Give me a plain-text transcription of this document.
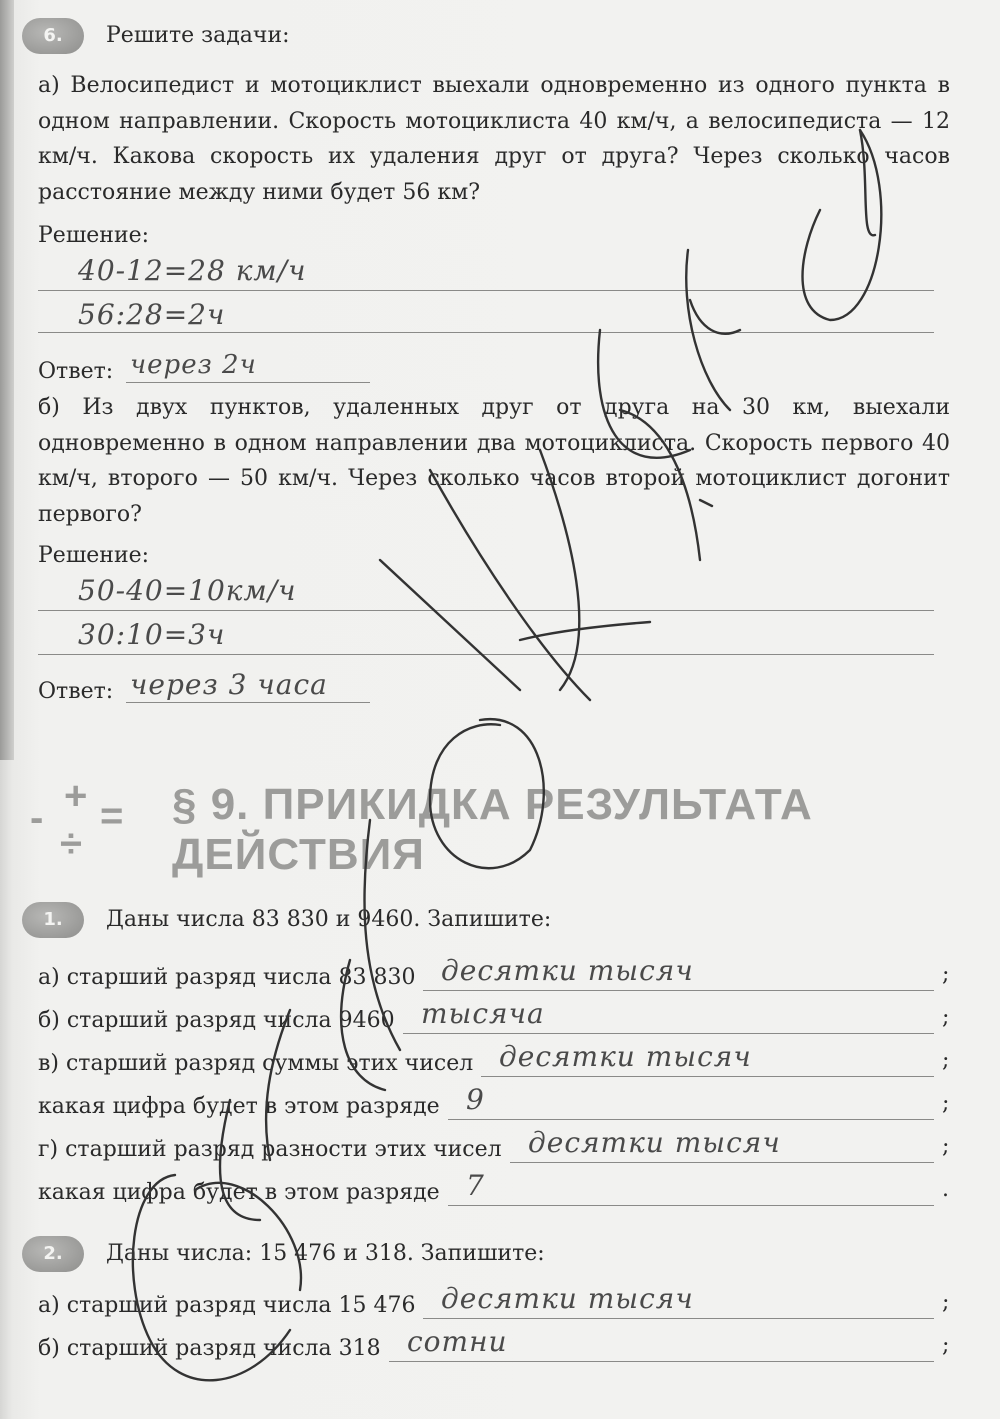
6.	Решите задачи:
а) Велосипедист и мотоциклист выехали одновременно из одного пункта в одном направлении. Скорость мотоциклиста 40 км/ч, а велосипедиста — 12 км/ч. Какова скорость их удаления друг от друга? Через сколько часов расстояние между ними будет 56 км?
Решение:
40-12=28 км/ч
56:28=2ч
Ответ: через 2ч
б) Из двух пунктов, удаленных друг от друга на 30 км, выехали одновременно в одном направлении два мотоциклиста. Скорость первого 40 км/ч, второго — 50 км/ч. Через сколько часов второй мотоциклист догонит первого?
Решение:
50-40=10км/ч
30:10=3ч
Ответ: через 3 часа
- + =
÷
§ 9. ПРИКИДКА РЕЗУЛЬТАТА
ДЕЙСТВИЯ
1.	Даны числа 83 830 и 9460. Запишите:
а) старший разряд числа 83 830 десятки тысяч	;
б) старший разряд числа 9460 тысяча	;
в) старший разряд суммы этих чисел десятки тысяч	;
какая цифра будет в этом разряде 9	;
г) старший разряд разности этих чисел десятки тысяч	;
какая цифра будет в этом разряде 7	.
2.	Даны числа: 15 476 и 318. Запишите:
а) старший разряд числа 15 476 десятки тысяч	;
б) старший разряд числа 318 сотни	;
